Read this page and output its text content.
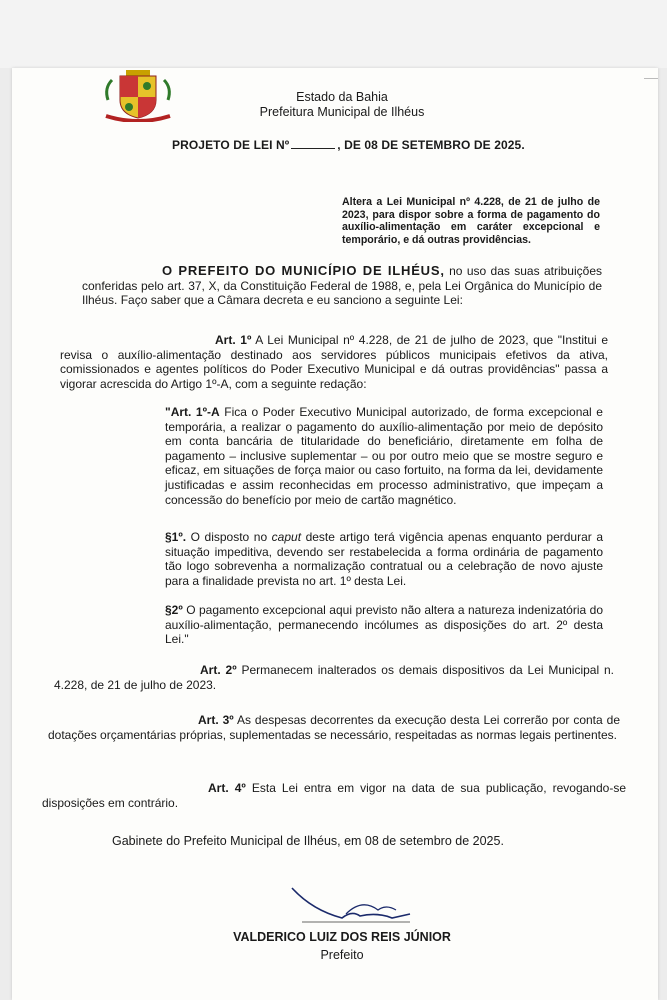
Estado da Bahia
Prefeitura Municipal de Ilhéus
PROJETO DE LEI Nº	, DE 08 DE SETEMBRO DE 2025.
Altera a Lei Municipal nº 4.228, de 21 de julho de 2023, para dispor sobre a forma de pagamento do auxílio-alimentação em caráter excepcional e temporário, e dá outras providências.
O PREFEITO DO MUNICÍPIO DE ILHÉUS, no uso das suas atribuições conferidas pelo art. 37, X, da Constituição Federal de 1988, e, pela Lei Orgânica do Município de Ilhéus. Faço saber que a Câmara decreta e eu sanciono a seguinte Lei:
Art. 1º A Lei Municipal nº 4.228, de 21 de julho de 2023, que "Institui e revisa o auxílio-alimentação destinado aos servidores públicos municipais efetivos da ativa, comissionados e agentes políticos do Poder Executivo Municipal e dá outras providências" passa a vigorar acrescida do Artigo 1º-A, com a seguinte redação:
"Art. 1º-A Fica o Poder Executivo Municipal autorizado, de forma excepcional e temporária, a realizar o pagamento do auxílio-alimentação por meio de depósito em conta bancária de titularidade do beneficiário, diretamente em folha de pagamento – inclusive suplementar – ou por outro meio que se mostre seguro e eficaz, em situações de força maior ou caso fortuito, na forma da lei, devidamente justificadas e assim reconhecidas em processo administrativo, que impeçam a concessão do benefício por meio de cartão magnético.
§1º. O disposto no caput deste artigo terá vigência apenas enquanto perdurar a situação impeditiva, devendo ser restabelecida a forma ordinária de pagamento tão logo sobrevenha a normalização contratual ou a celebração de novo ajuste para a finalidade prevista no art. 1º desta Lei.
§2º O pagamento excepcional aqui previsto não altera a natureza indenizatória do auxílio-alimentação, permanecendo incólumes as disposições do art. 2º desta Lei."
Art. 2º Permanecem inalterados os demais dispositivos da Lei Municipal n. 4.228, de 21 de julho de 2023.
Art. 3º As despesas decorrentes da execução desta Lei correrão por conta de dotações orçamentárias próprias, suplementadas se necessário, respeitadas as normas legais pertinentes.
Art. 4º Esta Lei entra em vigor na data de sua publicação, revogando-se disposições em contrário.
Gabinete do Prefeito Municipal de Ilhéus, em 08 de setembro de 2025.
VALDERICO LUIZ DOS REIS JÚNIOR
Prefeito
